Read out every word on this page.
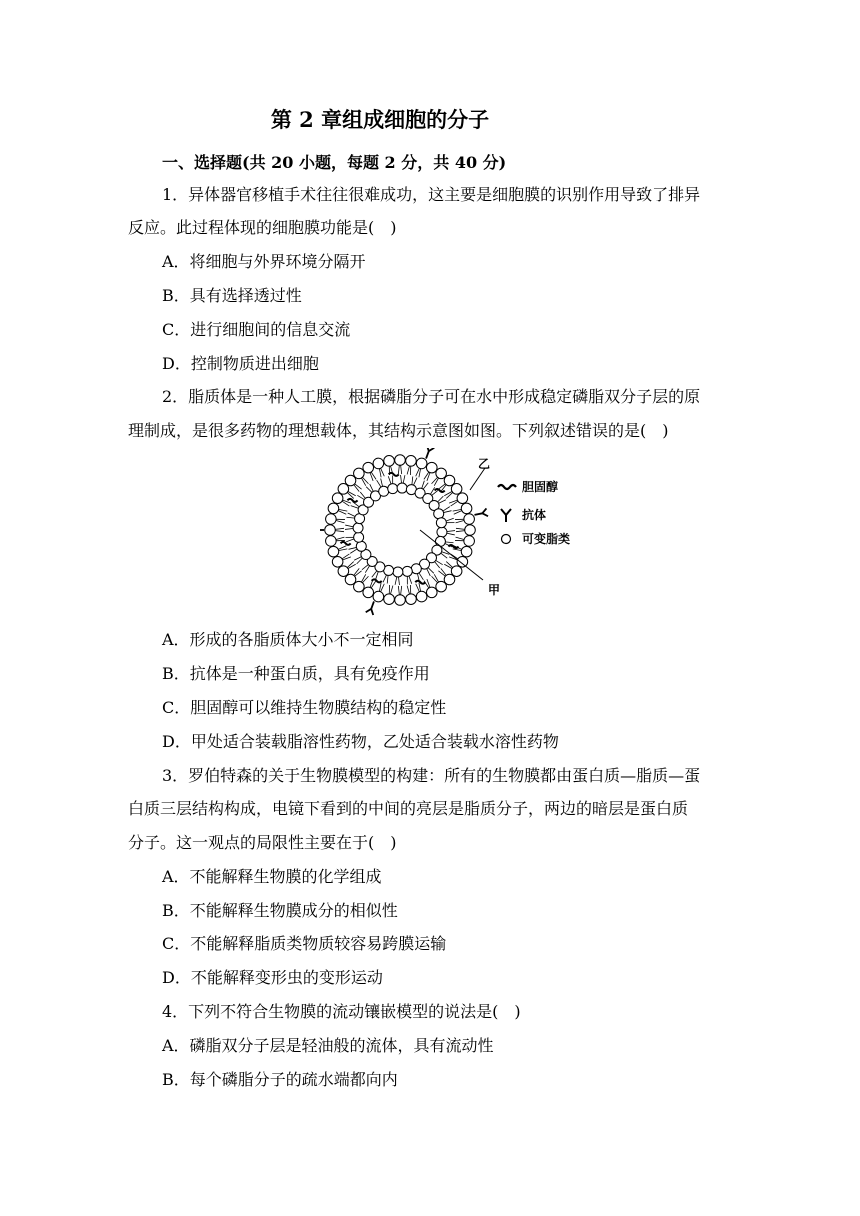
第 2 章组成细胞的分子
一、选择题(共 20 小题，每题 2 分，共 40 分)
1．异体器官移植手术往往很难成功，这主要是细胞膜的识别作用导致了排异
反应。此过程体现的细胞膜功能是(　)
A．将细胞与外界环境分隔开
B．具有选择透过性
C．进行细胞间的信息交流
D．控制物质进出细胞
2．脂质体是一种人工膜，根据磷脂分子可在水中形成稳定磷脂双分子层的原
理制成，是很多药物的理想载体，其结构示意图如图。下列叙述错误的是(　)
乙
甲
胆固醇
抗体
可变脂类
A．形成的各脂质体大小不一定相同
B．抗体是一种蛋白质，具有免疫作用
C．胆固醇可以维持生物膜结构的稳定性
D．甲处适合装载脂溶性药物，乙处适合装载水溶性药物
3．罗伯特森的关于生物膜模型的构建：所有的生物膜都由蛋白质—脂质—蛋
白质三层结构构成，电镜下看到的中间的亮层是脂质分子，两边的暗层是蛋白质
分子。这一观点的局限性主要在于(　)
A．不能解释生物膜的化学组成
B．不能解释生物膜成分的相似性
C．不能解释脂质类物质较容易跨膜运输
D．不能解释变形虫的变形运动
4．下列不符合生物膜的流动镶嵌模型的说法是(　)
A．磷脂双分子层是轻油般的流体，具有流动性
B．每个磷脂分子的疏水端都向内
